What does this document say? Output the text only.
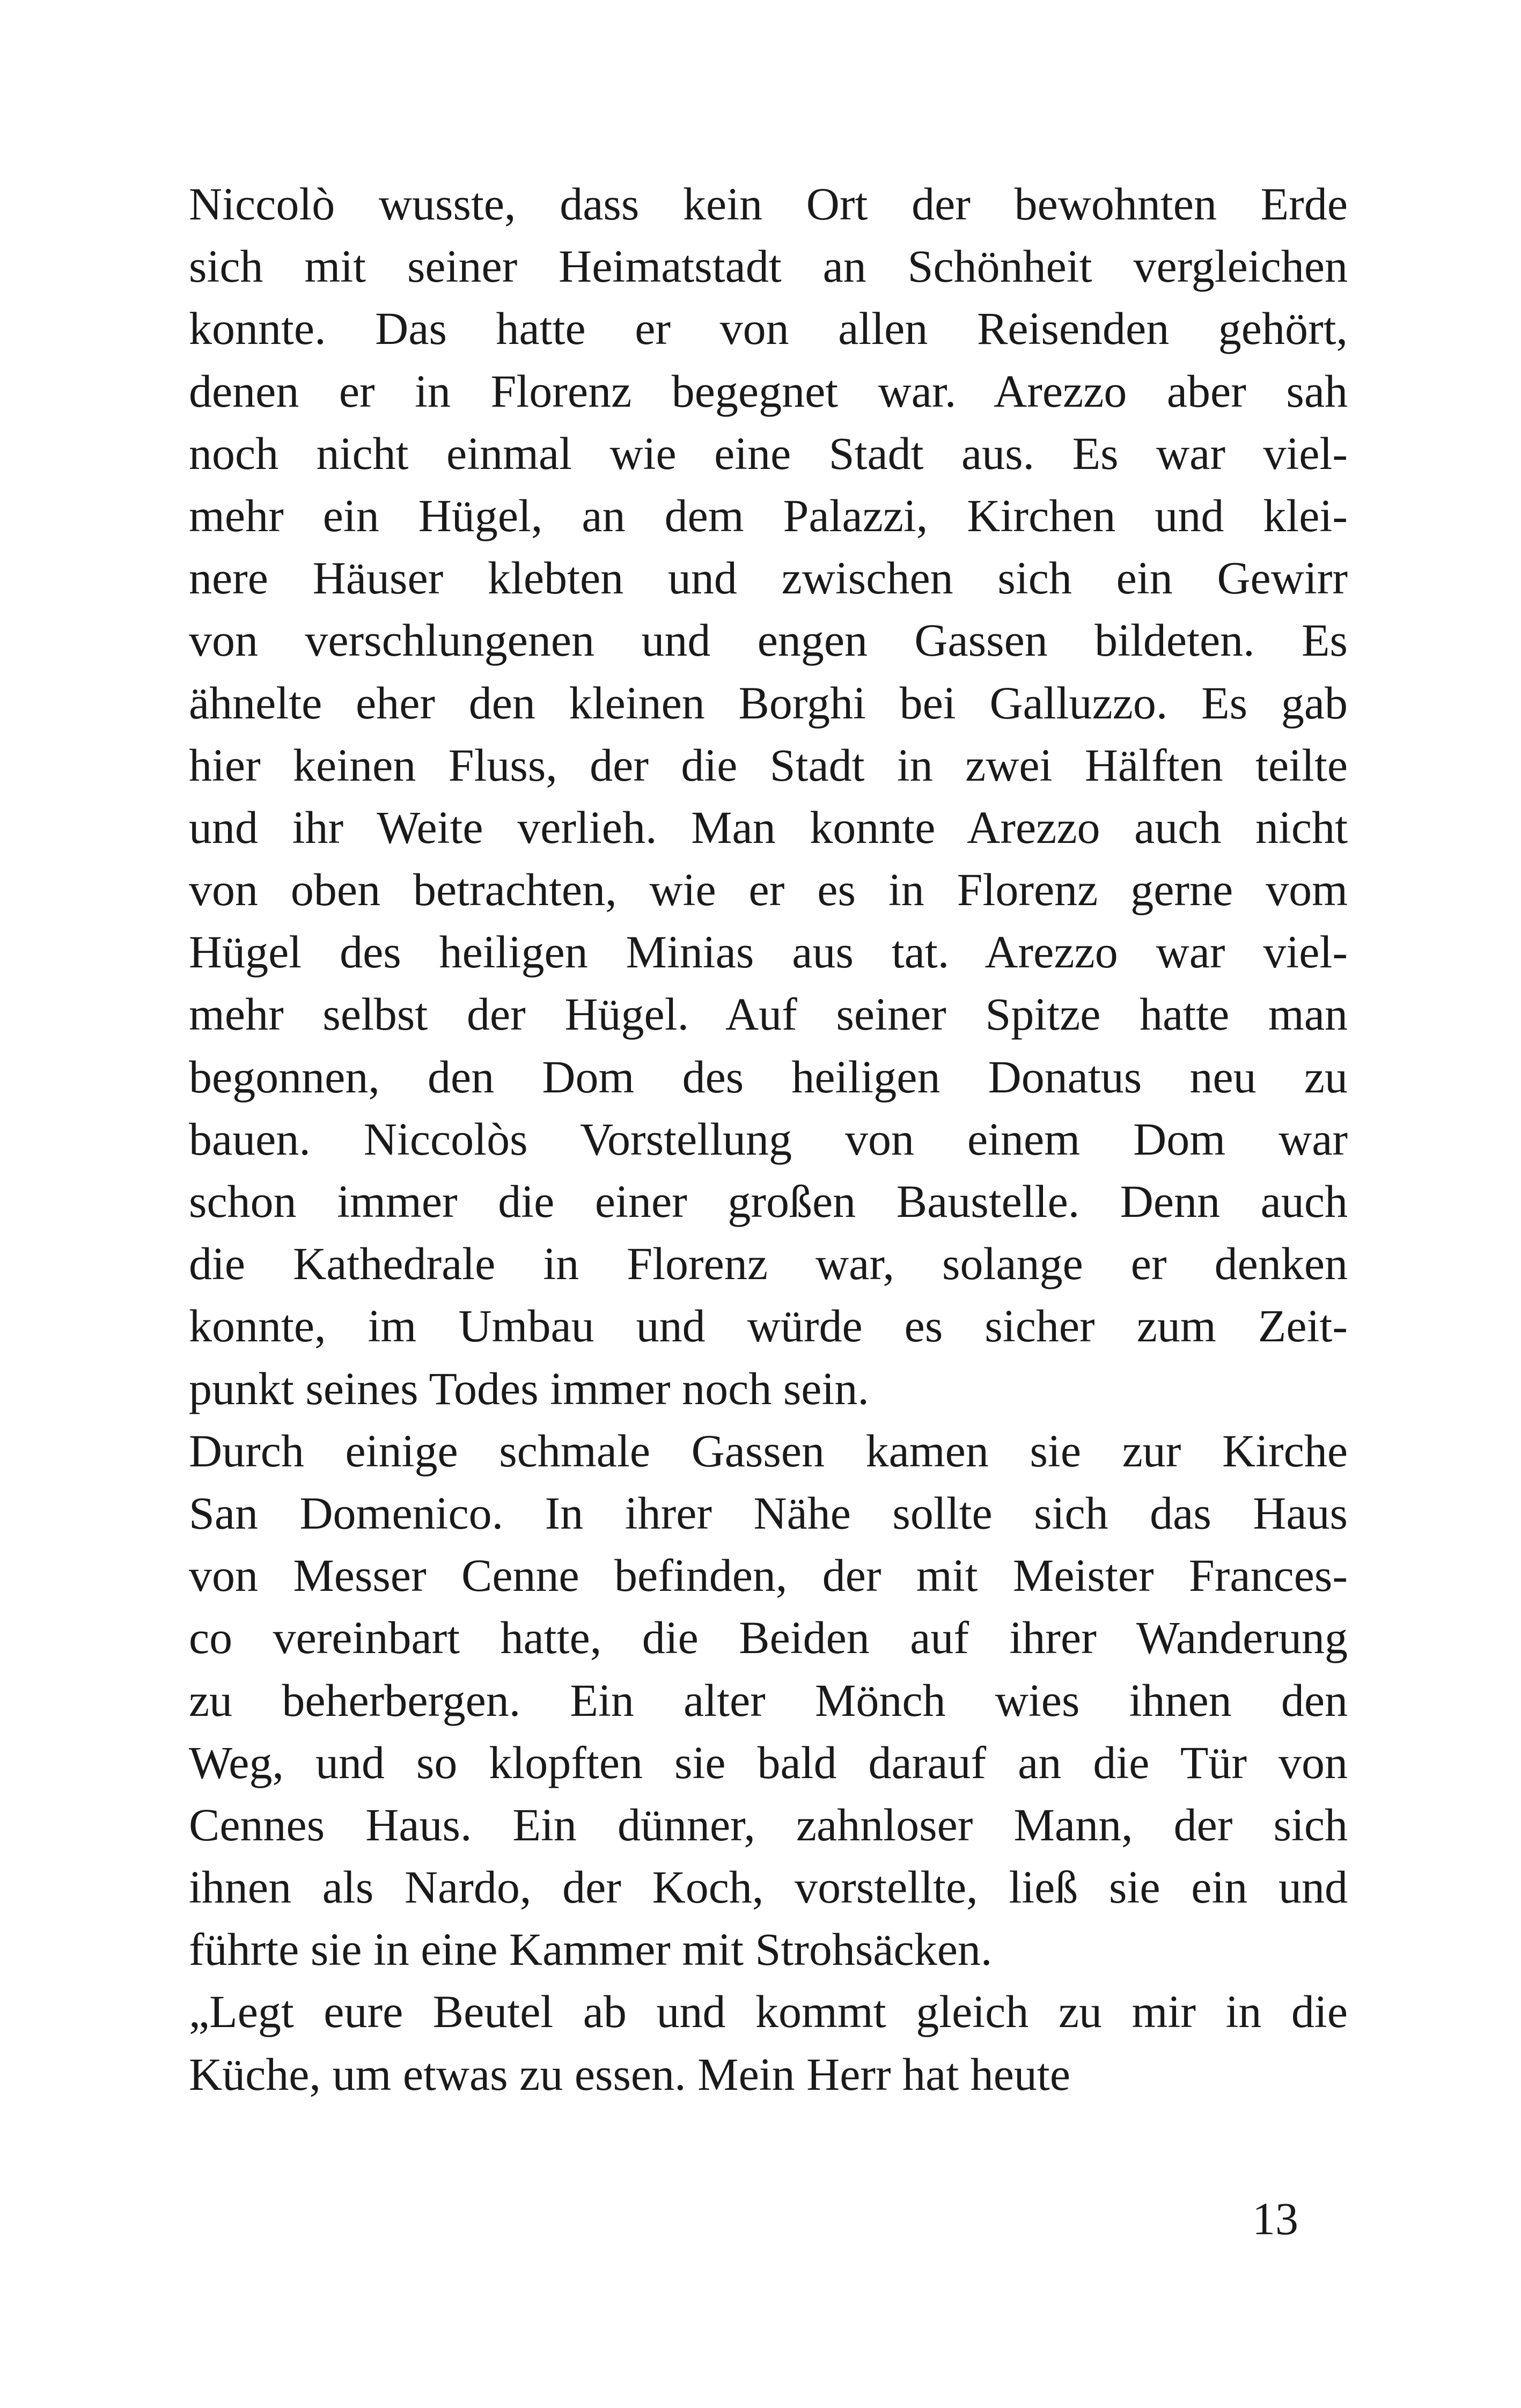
Niccolò wusste, dass kein Ort der bewohnten Erde
sich mit seiner Heimatstadt an Schönheit vergleichen
konnte. Das hatte er von allen Reisenden gehört,
denen er in Florenz begegnet war. Arezzo aber sah
noch nicht einmal wie eine Stadt aus. Es war viel-
mehr ein Hügel, an dem Palazzi, Kirchen und klei-
nere Häuser klebten und zwischen sich ein Gewirr
von verschlungenen und engen Gassen bildeten. Es
ähnelte eher den kleinen Borghi bei Galluzzo. Es gab
hier keinen Fluss, der die Stadt in zwei Hälften teilte
und ihr Weite verlieh. Man konnte Arezzo auch nicht
von oben betrachten, wie er es in Florenz gerne vom
Hügel des heiligen Minias aus tat. Arezzo war viel-
mehr selbst der Hügel. Auf seiner Spitze hatte man
begonnen, den Dom des heiligen Donatus neu zu
bauen. Niccolòs Vorstellung von einem Dom war
schon immer die einer großen Baustelle. Denn auch
die Kathedrale in Florenz war, solange er denken
konnte, im Umbau und würde es sicher zum Zeit-
punkt seines Todes immer noch sein.
Durch einige schmale Gassen kamen sie zur Kirche
San Domenico. In ihrer Nähe sollte sich das Haus
von Messer Cenne befinden, der mit Meister Frances-
co vereinbart hatte, die Beiden auf ihrer Wanderung
zu beherbergen. Ein alter Mönch wies ihnen den
Weg, und so klopften sie bald darauf an die Tür von
Cennes Haus. Ein dünner, zahnloser Mann, der sich
ihnen als Nardo, der Koch, vorstellte, ließ sie ein und
führte sie in eine Kammer mit Strohsäcken.
„Legt eure Beutel ab und kommt gleich zu mir in die
Küche, um etwas zu essen. Mein Herr hat heute
13
